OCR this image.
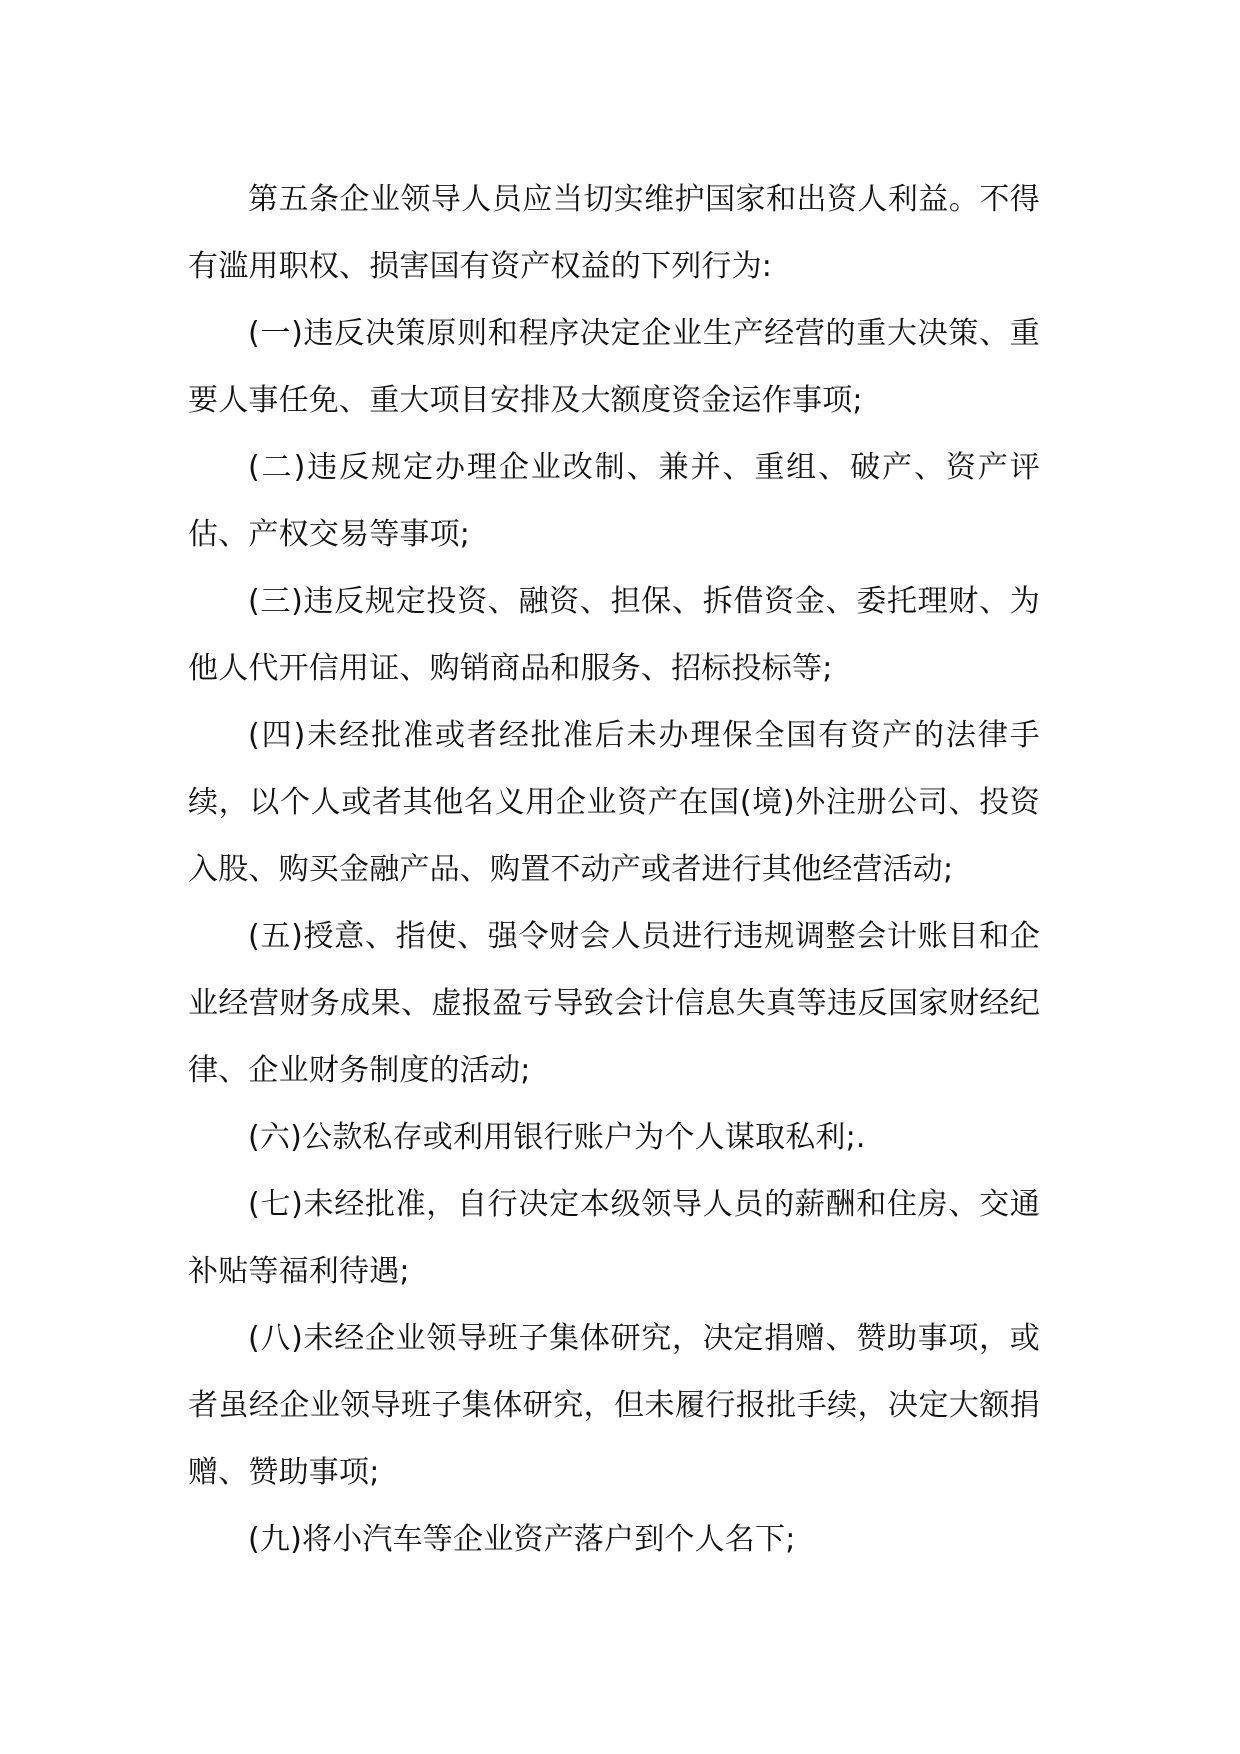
第五条企业领导人员应当切实维护国家和出资人利益。不得有滥用职权、损害国有资产权益的下列行为:

(一)违反决策原则和程序决定企业生产经营的重大决策、重要人事任免、重大项目安排及大额度资金运作事项;

(二)违反规定办理企业改制、兼并、重组、破产、资产评估、产权交易等事项;

(三)违反规定投资、融资、担保、拆借资金、委托理财、为他人代开信用证、购销商品和服务、招标投标等;

(四)未经批准或者经批准后未办理保全国有资产的法律手续，以个人或者其他名义用企业资产在国(境)外注册公司、投资入股、购买金融产品、购置不动产或者进行其他经营活动;

(五)授意、指使、强令财会人员进行违规调整会计账目和企业经营财务成果、虚报盈亏导致会计信息失真等违反国家财经纪律、企业财务制度的活动;

(六)公款私存或利用银行账户为个人谋取私利;.

(七)未经批准，自行决定本级领导人员的薪酬和住房、交通补贴等福利待遇;

(八)未经企业领导班子集体研究，决定捐赠、赞助事项，或者虽经企业领导班子集体研究，但未履行报批手续，决定大额捐赠、赞助事项;

(九)将小汽车等企业资产落户到个人名下;
